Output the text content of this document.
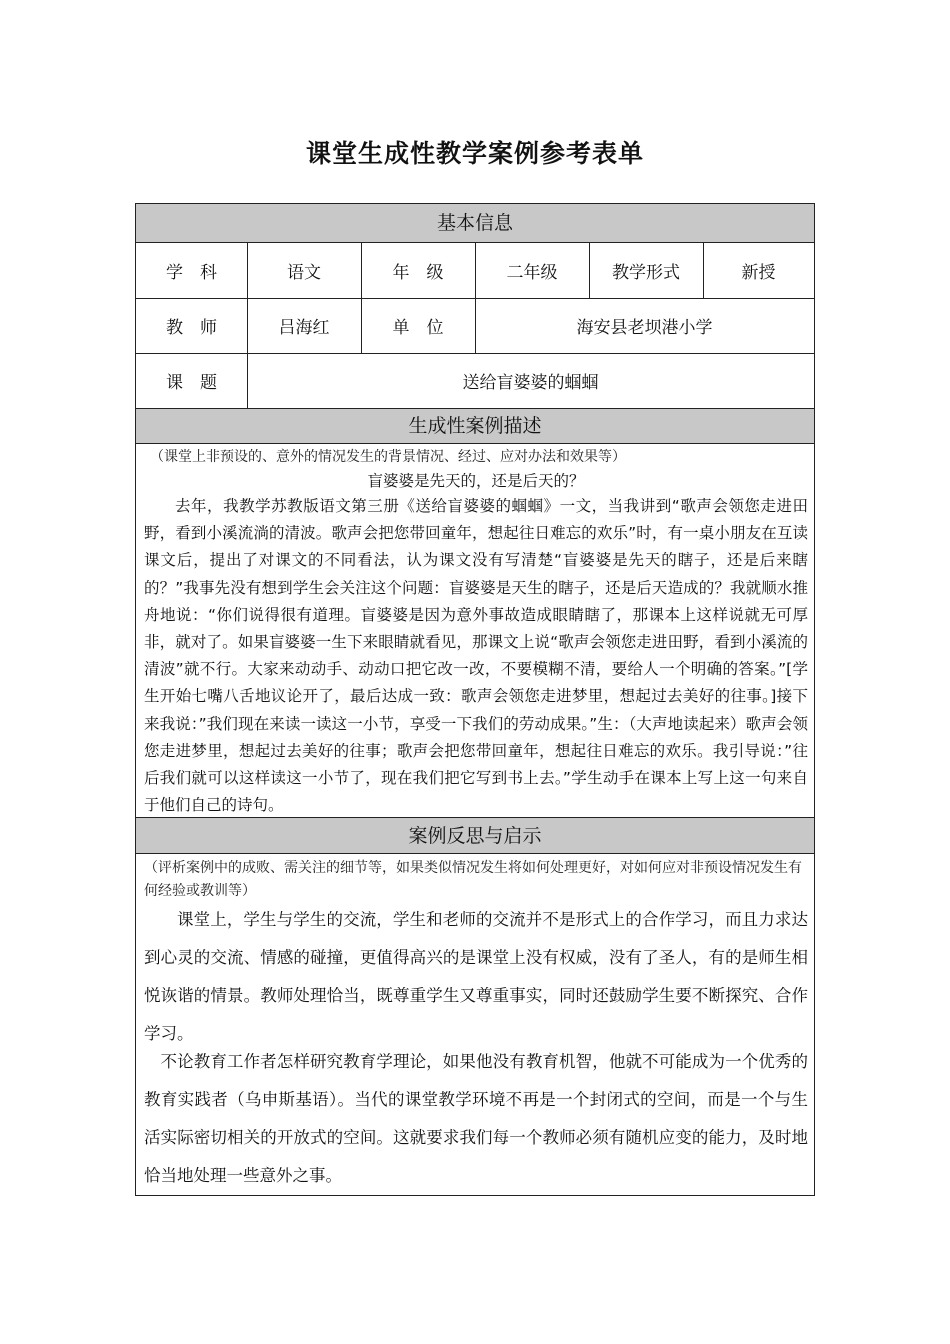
课堂生成性教学案例参考表单
基本信息
学　科	语文	年　级	二年级	教学形式	新授
教　师	吕海红	单　位	海安县老坝港小学
课　题	送给盲婆婆的蝈蝈
生成性案例描述
（课堂上非预设的、意外的情况发生的背景情况、经过、应对办法和效果等）
盲婆婆是先天的，还是后天的？

去年，我教学苏教版语文第三册《送给盲婆婆的蝈蝈》一文，当我讲到“歌声会领您走进田野，看到小溪流淌的清波。歌声会把您带回童年，想起往日难忘的欢乐”时，有一桌小朋友在互读课文后，提出了对课文的不同看法，认为课文没有写清楚“盲婆婆是先天的瞎子，还是后来瞎的？”我事先没有想到学生会关注这个问题：盲婆婆是天生的瞎子，还是后天造成的？我就顺水推舟地说：“你们说得很有道理。盲婆婆是因为意外事故造成眼睛瞎了，那课本上这样说就无可厚非，就对了。如果盲婆婆一生下来眼睛就看见，那课文上说“歌声会领您走进田野，看到小溪流的清波”就不行。大家来动动手、动动口把它改一改，不要模糊不清，要给人一个明确的答案。”[学生开始七嘴八舌地议论开了，最后达成一致：歌声会领您走进梦里，想起过去美好的往事。]接下来我说：”我们现在来读一读这一小节，享受一下我们的劳动成果。”生：（大声地读起来）歌声会领您走进梦里，想起过去美好的往事；歌声会把您带回童年，想起往日难忘的欢乐。我引导说：”往后我们就可以这样读这一小节了，现在我们把它写到书上去。”学生动手在课本上写上这一句来自于他们自己的诗句。

案例反思与启示
（评析案例中的成败、需关注的细节等，如果类似情况发生将如何处理更好，对如何应对非预设情况发生有何经验或教训等）

课堂上，学生与学生的交流，学生和老师的交流并不是形式上的合作学习，而且力求达到心灵的交流、情感的碰撞，更值得高兴的是课堂上没有权威，没有了圣人，有的是师生相悦诙谐的情景。教师处理恰当，既尊重学生又尊重事实，同时还鼓励学生要不断探究、合作学习。

不论教育工作者怎样研究教育学理论，如果他没有教育机智，他就不可能成为一个优秀的教育实践者（乌申斯基语）。当代的课堂教学环境不再是一个封闭式的空间，而是一个与生活实际密切相关的开放式的空间。这就要求我们每一个教师必须有随机应变的能力，及时地恰当地处理一些意外之事。
